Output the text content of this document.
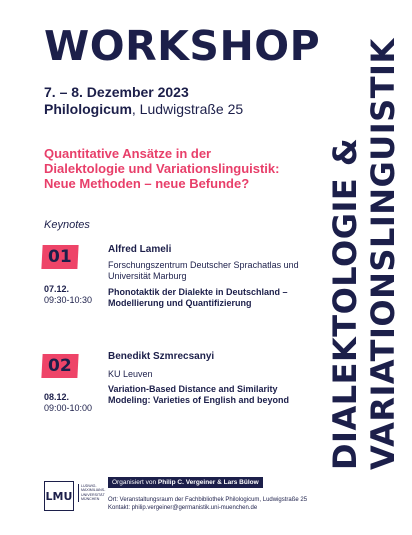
WORKSHOP
7. – 8. Dezember 2023
Philologicum, Ludwigstraße 25
Quantitative Ansätze in der Dialektologie und Variationslinguistik: Neue Methoden – neue Befunde?
Keynotes
01
07.12.
09:30-10:30
Alfred Lameli
Forschungszentrum Deutscher Sprachatlas und Universität Marburg
Phonotaktik der Dialekte in Deutschland – Modellierung und Quantifizierung
02
08.12.
09:00-10:00
Benedikt Szmrecsanyi
KU Leuven
Variation-Based Distance and Similarity Modeling: Varieties of English and beyond	DIALEKTOLOGIE & VARIATIONSLINGUISTIK
LMU
LUDWIG-MAXIMILIANS-UNIVERSITÄT MÜNCHEN
Organisiert von Philip C. Vergeiner & Lars Bülow
Ort: Veranstaltungsraum der Fachbibliothek Philologicum, Ludwigstraße 25
Kontakt: philip.vergeiner@germanistik.uni-muenchen.de
